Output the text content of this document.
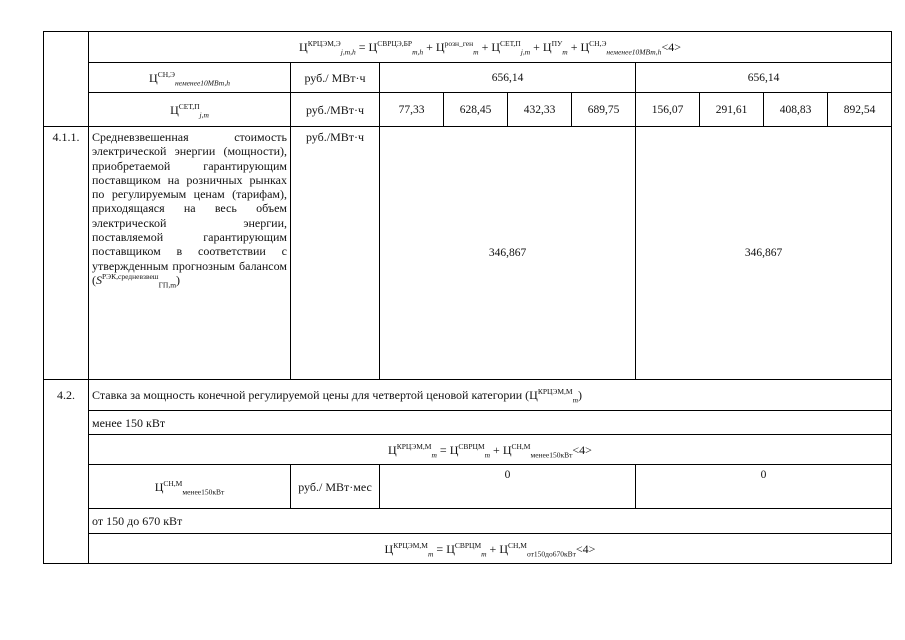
	$Ц^{КРЦЭМ,Э}_{j,m,h} = Ц^{СВРЦЭ,БР}_{m,h} + Ц^{розн\_ген}_m + Ц^{СЕТ,П}_{j,m} + Ц^{ПУ}_m + Ц^{СН,Э}_{неменее10МВт,h}<4>$									
	$Ц^{СН,Э}_{неменее10МВт,h}$	руб./ МВт·ч	656,14				656,14			
	$Ц^{СЕТ,П}_{j,m}$	руб./МВт·ч	77,33	628,45	432,33	689,75	156,07	291,61	408,83	892,54
4.1.1.	Средневзвешенная стоимость электрической энергии (мощности), приобретаемой гарантирующим поставщиком на розничных рынках по регулируемым ценам (тарифам), приходящаяся на весь объем электрической энергии, поставляемой гарантирующим поставщиком в соответствии с утвержденным прогнозным балансом $(S^{РЭК,средневзвеш}_{ГП,m})$	руб./МВт·ч	346,867				346,867			
4.2.	Ставка за мощность конечной регулируемой цены для четвертой ценовой категории $(Ц^{КРЦЭМ,М}_m)$									
	менее 150 кВт									
	$Ц^{КРЦЭМ,М}_m = Ц^{СВРЦМ}_m + Ц^{СН,М}_{менее150кВт}<4>$									
	$Ц^{СН,М}_{менее150кВт}$	руб./ МВт·мес	0				0			
	от 150 до 670 кВт									
	$Ц^{КРЦЭМ,М}_m = Ц^{СВРЦМ}_m + Ц^{СН,М}_{от150до670кВт}<4>$									
